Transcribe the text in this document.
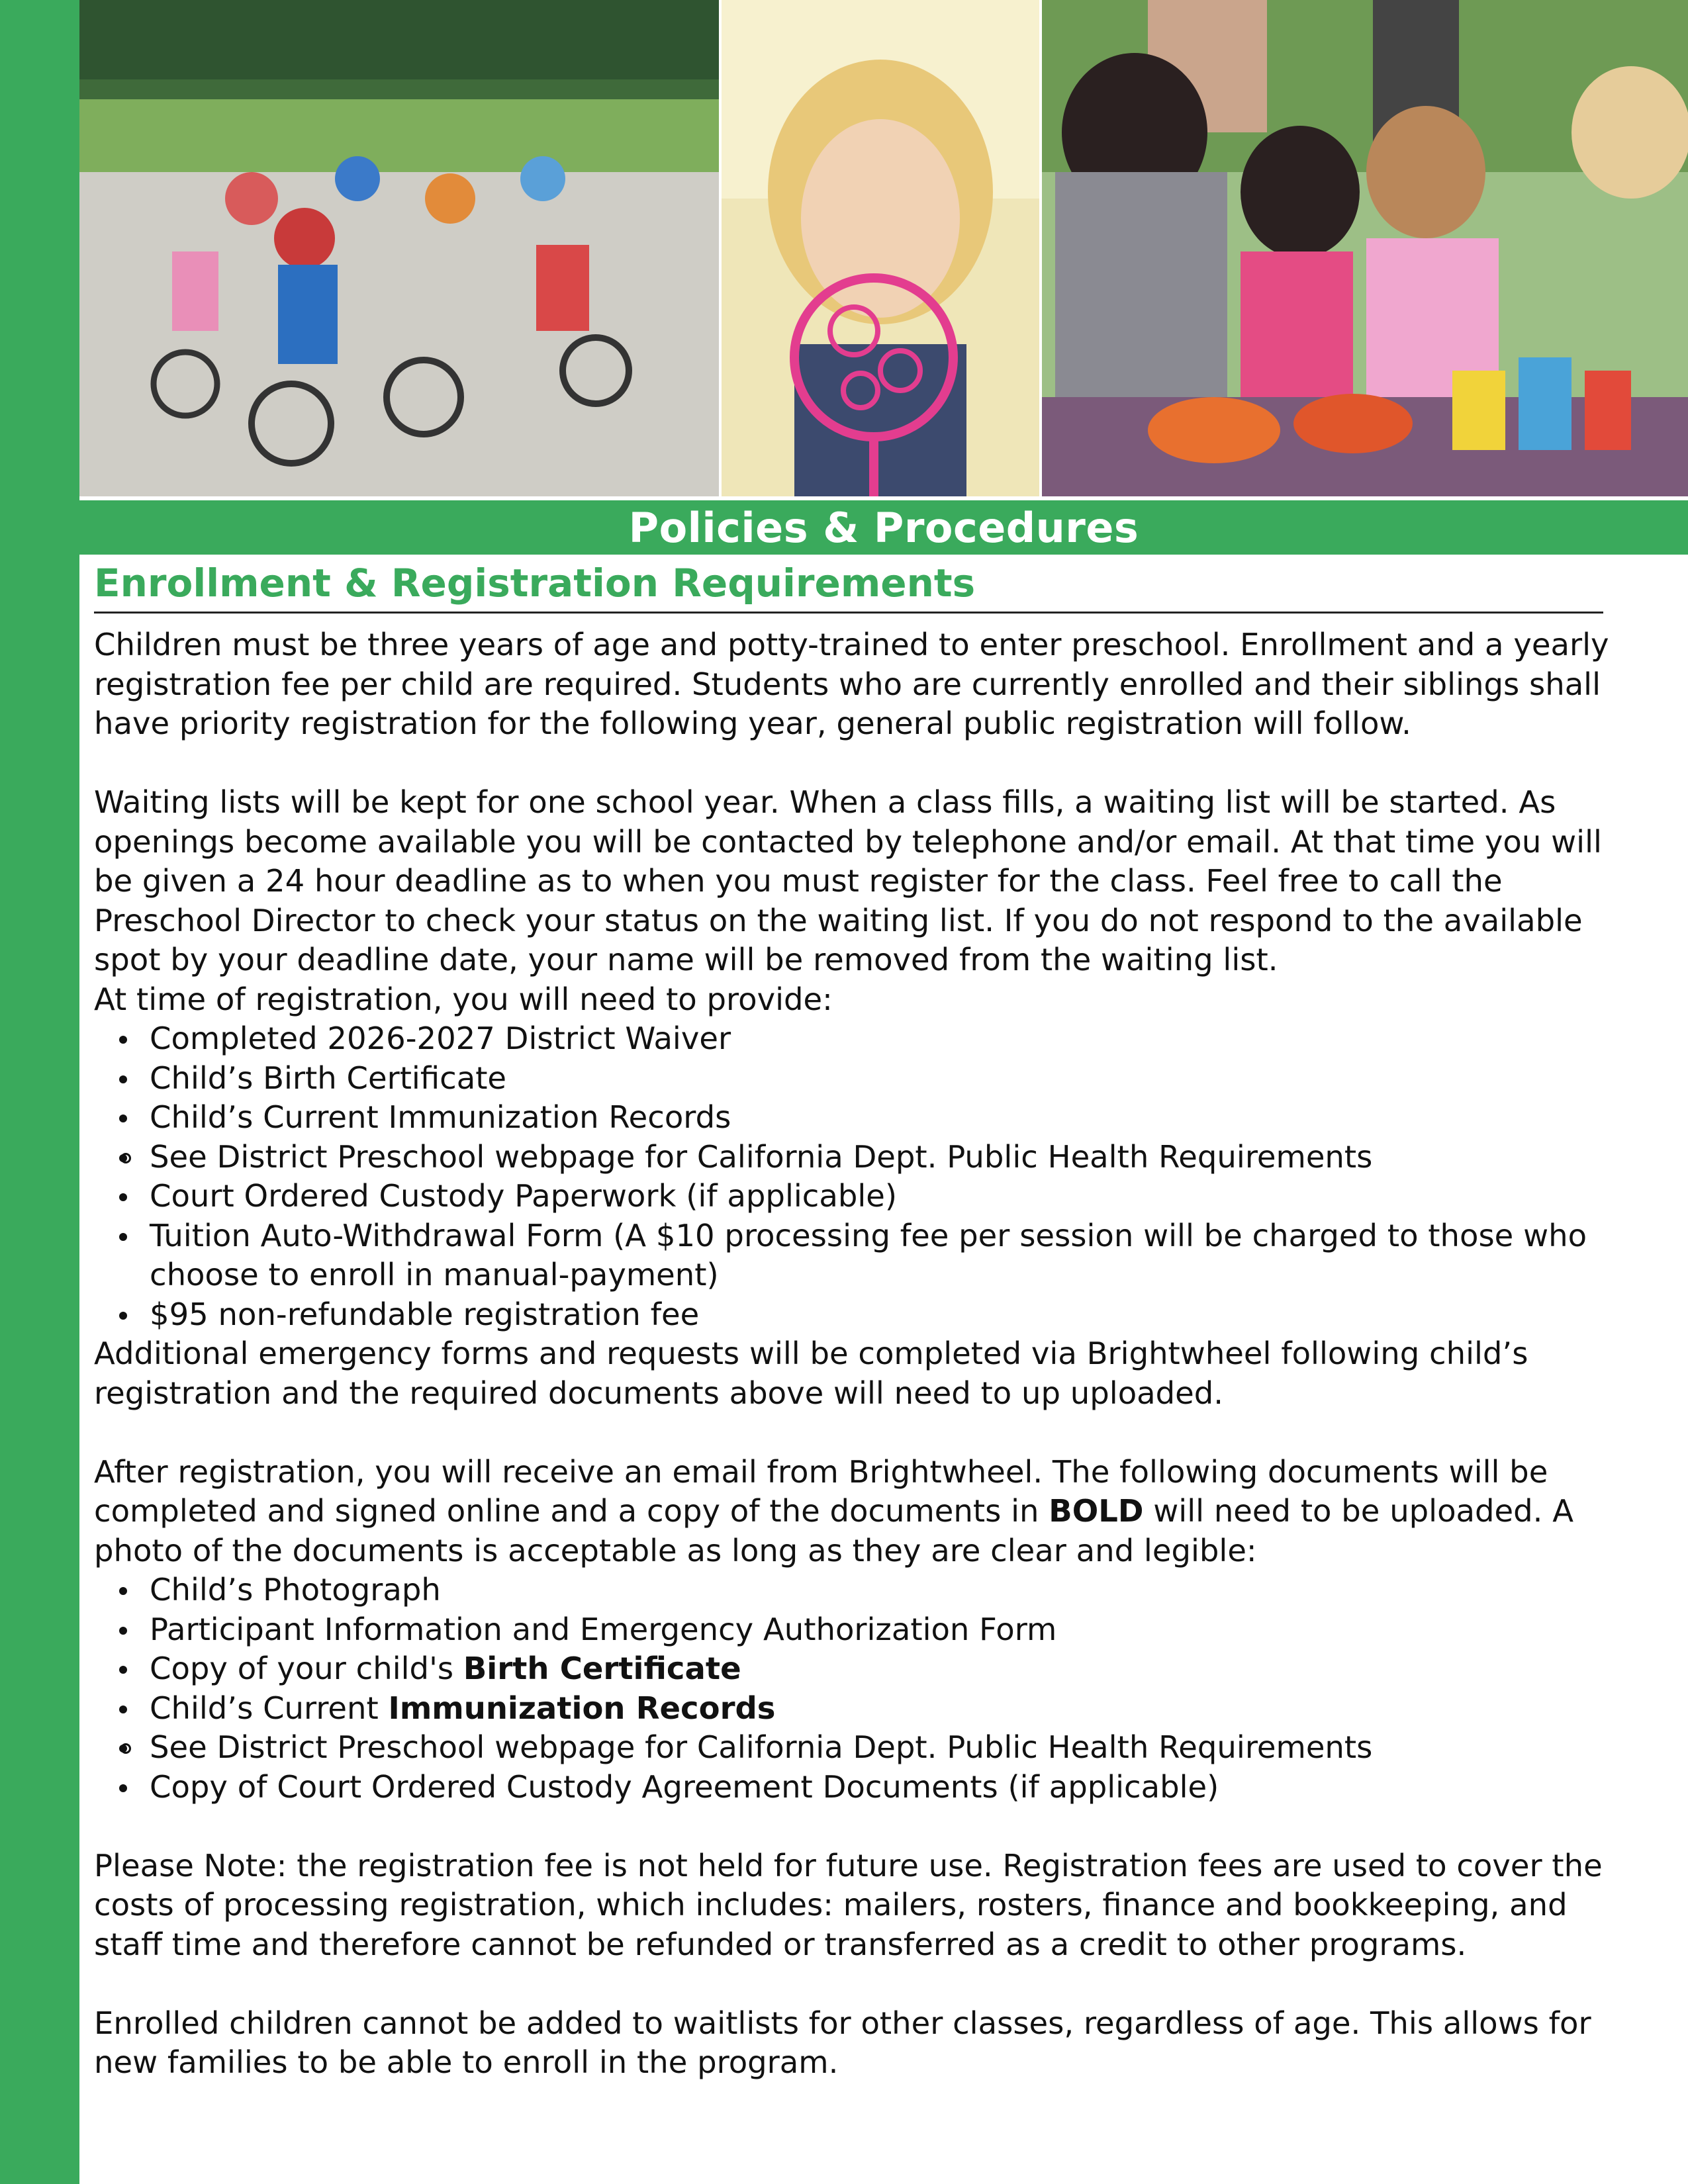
Policies & Procedures
Enrollment & Registration Requirements

Children must be three years of age and potty-trained to enter preschool. Enrollment and a yearly registration fee per child are required. Students who are currently enrolled and their siblings shall have priority registration for the following year, general public registration will follow.

Waiting lists will be kept for one school year. When a class fills, a waiting list will be started. As openings become available you will be contacted by telephone and/or email. At that time you will be given a 24 hour deadline as to when you must register for the class. Feel free to call the Preschool Director to check your status on the waiting list. If you do not respond to the available spot by your deadline date, your name will be removed from the waiting list.

At time of registration, you will need to provide:

Completed 2026-2027 District Waiver
Child’s Birth Certificate
Child’s Current Immunization Records
See District Preschool webpage for California Dept. Public Health Requirements
Court Ordered Custody Paperwork (if applicable)
Tuition Auto-Withdrawal Form (A $10 processing fee per session will be charged to those who choose to enroll in manual-payment)
$95 non-refundable registration fee

Additional emergency forms and requests will be completed via Brightwheel following child’s registration and the required documents above will need to up uploaded.

After registration, you will receive an email from Brightwheel. The following documents will be completed and signed online and a copy of the documents in BOLD will need to be uploaded. A photo of the documents is acceptable as long as they are clear and legible:

Child’s Photograph
Participant Information and Emergency Authorization Form
Copy of your child's Birth Certificate
Child’s Current Immunization Records
See District Preschool webpage for California Dept. Public Health Requirements
Copy of Court Ordered Custody Agreement Documents (if applicable)

Please Note: the registration fee is not held for future use. Registration fees are used to cover the costs of processing registration, which includes: mailers, rosters, finance and bookkeeping, and staff time and therefore cannot be refunded or transferred as a credit to other programs.

Enrolled children cannot be added to waitlists for other classes, regardless of age. This allows for new families to be able to enroll in the program.
